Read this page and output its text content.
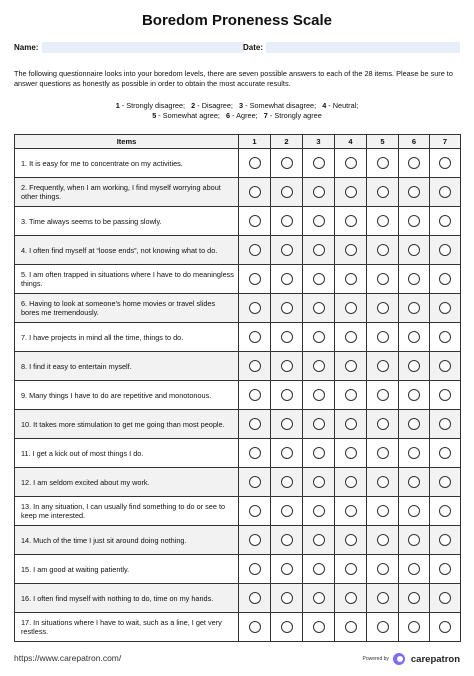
Boredom Proneness Scale
Name:	Date:
The following questionnaire looks into your boredom levels, there are seven possible answers to each of the 28 items. Please be sure to answer questions as honestly as possible in order to obtain the most accurate results.
1 - Strongly disagree; 2 - Disagree; 3 - Somewhat disagree; 4 - Neutral;
5 - Somewhat agree; 6 - Agree; 7 - Strongly agree
Items	1	2	3	4	5	6	7
1. It is easy for me to concentrate on my activities.							
2. Frequently, when I am working, I find myself worrying about other things.							
3. Time always seems to be passing slowly.							
4. I often find myself at “loose ends”, not knowing what to do.							
5. I am often trapped in situations where I have to do meaningless things.							
6. Having to look at someone’s home movies or travel slides bores me tremendously.							
7. I have projects in mind all the time, things to do.							
8. I find it easy to entertain myself.							
9. Many things I have to do are repetitive and monotonous.							
10. It takes more stimulation to get me going than most people.							
11. I get a kick out of most things I do.							
12. I am seldom excited about my work.							
13. In any situation, I can usually find something to do or see to keep me interested.							
14. Much of the time I just sit around doing nothing.							
15. I am good at waiting patiently.							
16. I often find myself with nothing to do, time on my hands.							
17. In situations where I have to wait, such as a line, I get very restless.							
https://www.carepatron.com/	Powered by carepatron
